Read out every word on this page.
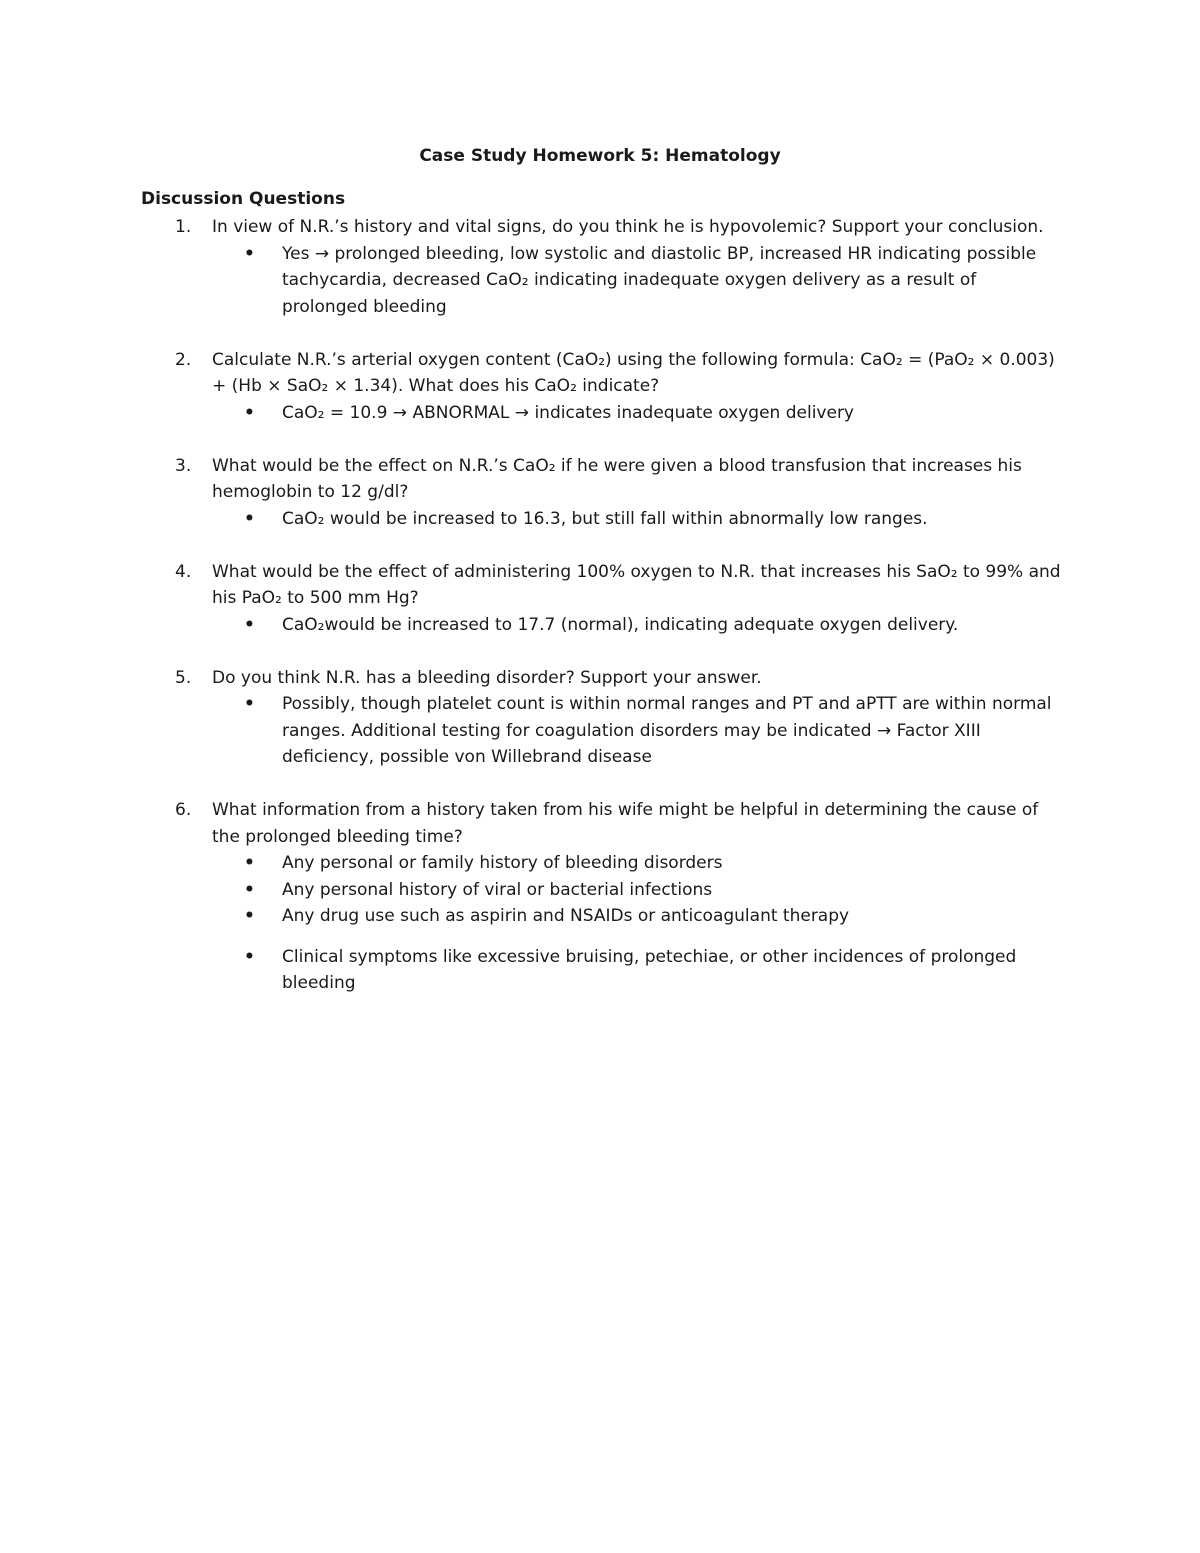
Case Study Homework 5: Hematology
Discussion Questions
1. In view of N.R.’s history and vital signs, do you think he is hypovolemic? Support your conclusion.
• Yes → prolonged bleeding, low systolic and diastolic BP, increased HR indicating possible tachycardia, decreased CaO₂ indicating inadequate oxygen delivery as a result of prolonged bleeding
2. Calculate N.R.’s arterial oxygen content (CaO₂) using the following formula: CaO₂ = (PaO₂ × 0.003) + (Hb × SaO₂ × 1.34). What does his CaO₂ indicate?
• CaO₂ = 10.9 → ABNORMAL → indicates inadequate oxygen delivery
3. What would be the effect on N.R.’s CaO₂ if he were given a blood transfusion that increases his hemoglobin to 12 g/dl?
• CaO₂ would be increased to 16.3, but still fall within abnormally low ranges.
4. What would be the effect of administering 100% oxygen to N.R. that increases his SaO₂ to 99% and his PaO₂ to 500 mm Hg?
• CaO₂would be increased to 17.7 (normal), indicating adequate oxygen delivery.
5. Do you think N.R. has a bleeding disorder? Support your answer.
• Possibly, though platelet count is within normal ranges and PT and aPTT are within normal ranges. Additional testing for coagulation disorders may be indicated → Factor XIII deficiency, possible von Willebrand disease
6. What information from a history taken from his wife might be helpful in determining the cause of the prolonged bleeding time?
• Any personal or family history of bleeding disorders
• Any personal history of viral or bacterial infections
• Any drug use such as aspirin and NSAIDs or anticoagulant therapy
• Clinical symptoms like excessive bruising, petechiae, or other incidences of prolonged bleeding
